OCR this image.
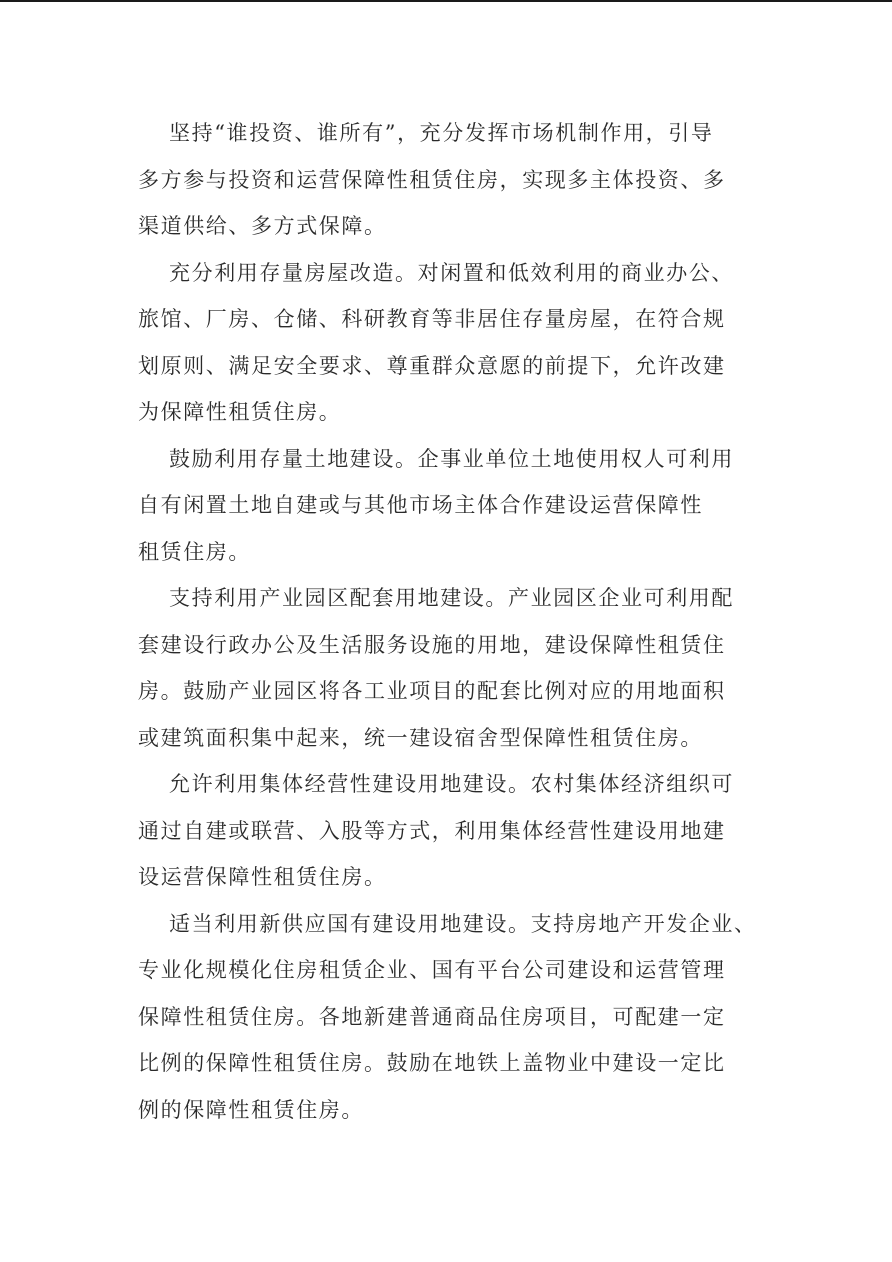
坚持“谁投资、谁所有”，充分发挥市场机制作用，引导
多方参与投资和运营保障性租赁住房，实现多主体投资、多
渠道供给、多方式保障。
充分利用存量房屋改造。对闲置和低效利用的商业办公、
旅馆、厂房、仓储、科研教育等非居住存量房屋，在符合规
划原则、满足安全要求、尊重群众意愿的前提下，允许改建
为保障性租赁住房。
鼓励利用存量土地建设。企事业单位土地使用权人可利用
自有闲置土地自建或与其他市场主体合作建设运营保障性
租赁住房。
支持利用产业园区配套用地建设。产业园区企业可利用配
套建设行政办公及生活服务设施的用地，建设保障性租赁住
房。鼓励产业园区将各工业项目的配套比例对应的用地面积
或建筑面积集中起来，统一建设宿舍型保障性租赁住房。
允许利用集体经营性建设用地建设。农村集体经济组织可
通过自建或联营、入股等方式，利用集体经营性建设用地建
设运营保障性租赁住房。
适当利用新供应国有建设用地建设。支持房地产开发企业、
专业化规模化住房租赁企业、国有平台公司建设和运营管理
保障性租赁住房。各地新建普通商品住房项目，可配建一定
比例的保障性租赁住房。鼓励在地铁上盖物业中建设一定比
例的保障性租赁住房。
